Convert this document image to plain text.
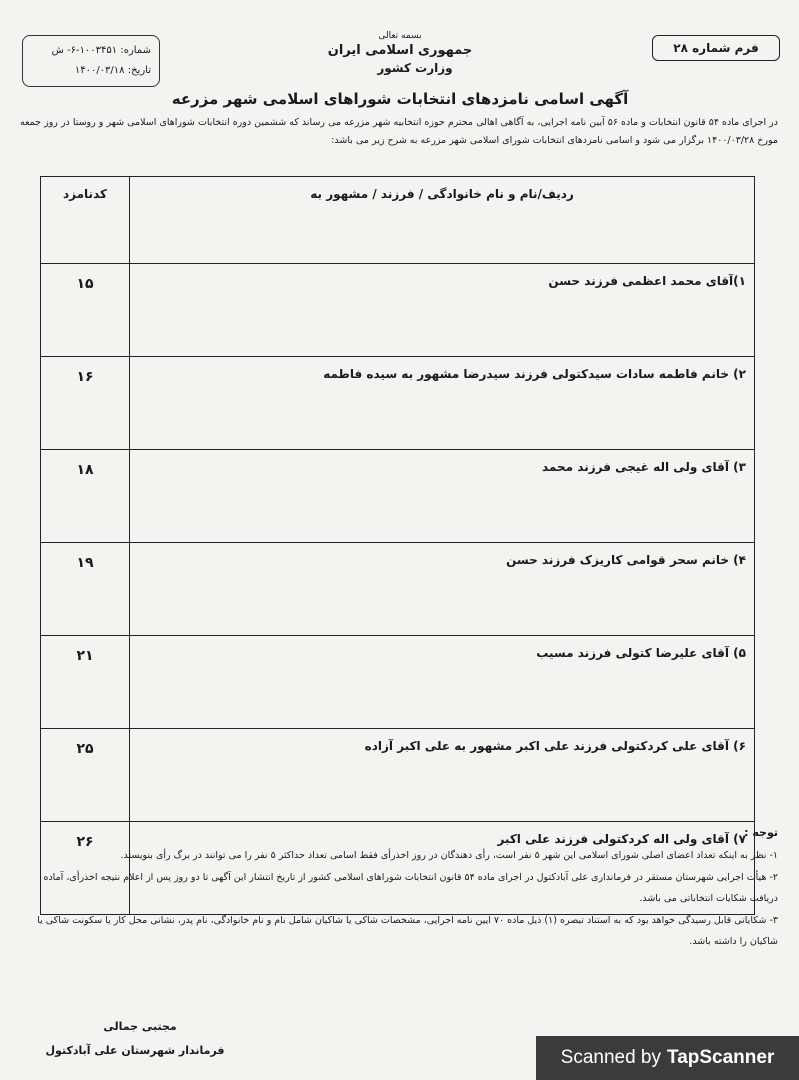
فرم شماره ۲۸
شماره: ۱۰۰۳۴۵۱-۶- ش
تاریخ: ۱۴۰۰/۰۳/۱۸
بسمه تعالی
جمهوری اسلامی ایران
وزارت کشور
آگهی اسامی نامزدهای انتخابات شوراهای اسلامی شهر مزرعه
در اجرای ماده ۵۴ قانون انتخابات و ماده ۵۶ آیین نامه اجرایی، به آگاهی اهالی محترم حوزه انتخابیه شهر مزرعه می رساند که ششمین دوره انتخابات شوراهای اسلامی شهر و روستا در روز جمعه مورخ ۱۴۰۰/۰۳/۲۸ برگزار می شود و اسامی نامزدهای انتخابات شورای اسلامی شهر مزرعه به شرح زیر می باشد:
ردیف/نام و نام خانوادگی / فرزند / مشهور به	کدنامزد
۱)آقای محمد اعظمی فرزند حسن	۱۵
۲) خانم فاطمه سادات سیدکتولی فرزند سیدرضا مشهور به سیده فاطمه	۱۶
۳) آقای ولی اله غیجی فرزند محمد	۱۸
۴) خانم سحر قوامی کاریزک فرزند حسن	۱۹
۵) آقای علیرضا کتولی فرزند مسیب	۲۱
۶) آقای علی کردکتولی فرزند علی اکبر مشهور به علی اکبر آزاده	۲۵
۷) آقای ولی اله کردکتولی فرزند علی اکبر	۲۶
توجه :
۱- نظر به اینکه تعداد اعضای اصلی شورای اسلامی این شهر ۵ نفر است، رأی دهندگان در روز اخذرأی فقط اسامی تعداد حداکثر ۵ نفر را می توانند در برگ رأی بنویسند.
۲- هیأت اجرایی شهرستان مستقر در فرمانداری علی آبادکتول در اجرای ماده ۵۴ قانون انتخابات شوراهای اسلامی کشور از تاریخ انتشار این آگهی تا دو روز پس از اعلام نتیجه اخذرأی، آماده دریافت شکایات انتخاباتی می باشد.
۳- شکایاتی قابل رسیدگی خواهد بود که به استناد تبصره (۱) ذیل ماده ۷۰ آیین نامه اجرایی، مشخصات شاکی یا شاکیان شامل نام و نام خانوادگی، نام پدر، نشانی محل کار یا سکونت شاکی یا شاکیان را داشته باشد.
مجتبی جمالی
فرماندار شهرستان علی آبادکتول	Scanned by TapScanner
